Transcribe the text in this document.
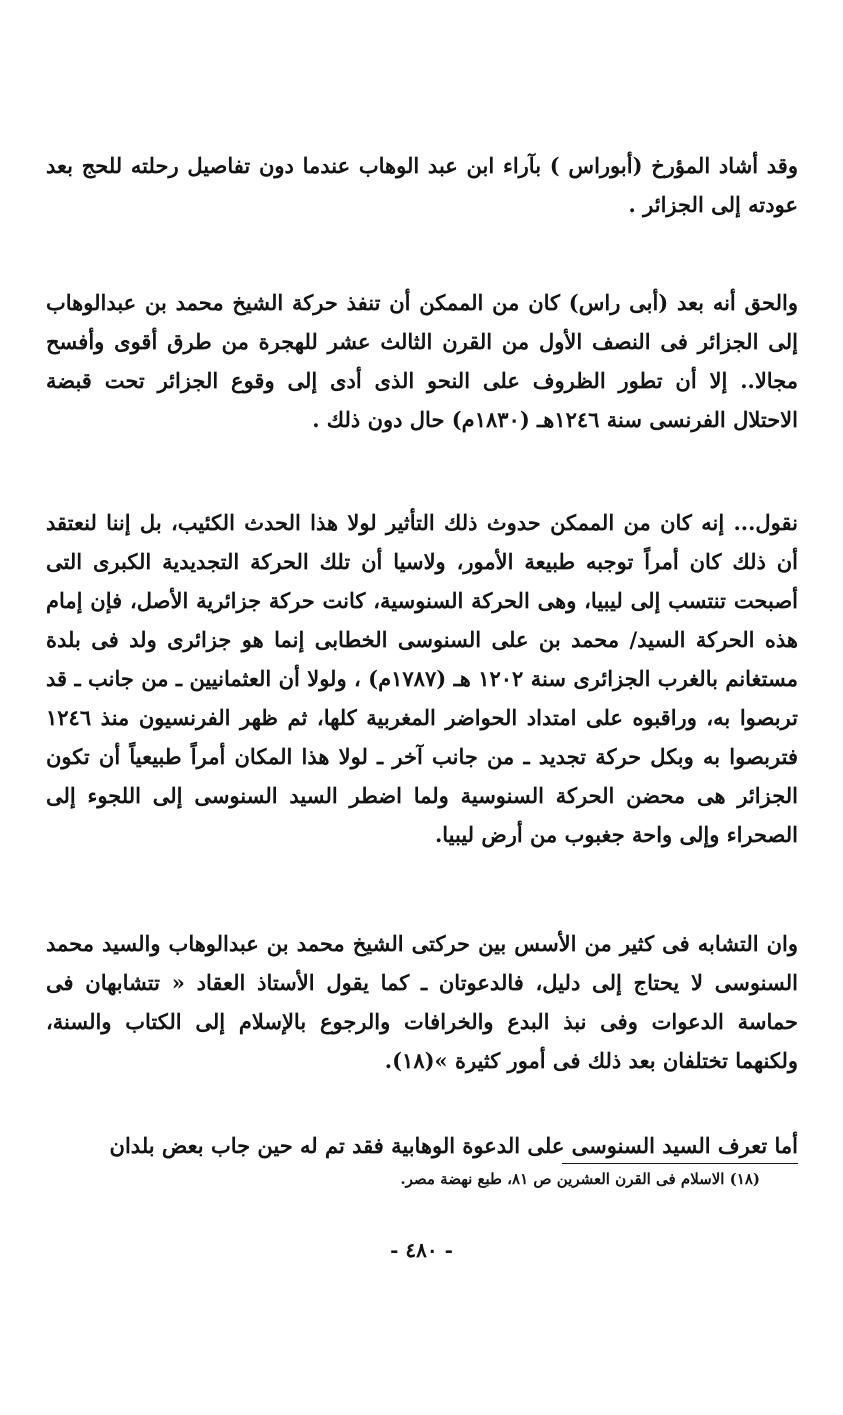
وقد أشاد المؤرخ (أبوراس ) بآراء ابن عبد الوهاب عندما دون تفاصيل رحلته للحج بعد عودته إلى الجزائر .

والحق أنه بعد (أبى راس) كان من الممكن أن تنفذ حركة الشيخ محمد بن عبدالوهاب إلى الجزائر فى النصف الأول من القرن الثالث عشر للهجرة من طرق أقوى وأفسح مجالا.. إلا أن تطور الظروف على النحو الذى أدى إلى وقوع الجزائر تحت قبضة الاحتلال الفرنسى سنة ١٢٤٦هـ (١٨٣٠م) حال دون ذلك .

نقول... إنه كان من الممكن حدوث ذلك التأثير لولا هذا الحدث الكئيب، بل إننا لنعتقد أن ذلك كان أمراً توجبه طبيعة الأمور، ولاسيا أن تلك الحركة التجديدية الكبرى التى أصبحت تنتسب إلى ليبيا، وهى الحركة السنوسية، كانت حركة جزائرية الأصل، فإن إمام هذه الحركة السيد/ محمد بن على السنوسى الخطابى إنما هو جزائرى ولد فى بلدة مستغانم بالغرب الجزائرى سنة ١٢٠٢ هـ (١٧٨٧م) ، ولولا أن العثمانيين ـ من جانب ـ قد تربصوا به، وراقبوه على امتداد الحواضر المغربية كلها، ثم ظهر الفرنسيون منذ ١٢٤٦ فتربصوا به وبكل حركة تجديد ـ من جانب آخر ـ لولا هذا المكان أمراً طبيعياً أن تكون الجزائر هى محضن الحركة السنوسية ولما اضطر السيد السنوسى إلى اللجوء إلى الصحراء وإلى واحة جغبوب من أرض ليبيا.

وان التشابه فى كثير من الأسس بين حركتى الشيخ محمد بن عبدالوهاب والسيد محمد السنوسى لا يحتاج إلى دليل، فالدعوتان ـ كما يقول الأستاذ العقاد « تتشابهان فى حماسة الدعوات وفى نبذ البدع والخرافات والرجوع بالإسلام إلى الكتاب والسنة، ولكنهما تختلفان بعد ذلك فى أمور كثيرة »(١٨).

أما تعرف السيد السنوسى على الدعوة الوهابية فقد تم له حين جاب بعض بلدان

(١٨) الاسلام فى القرن العشرين ص ٨١، طبع نهضة مصر.
- ٤٨٠ -
